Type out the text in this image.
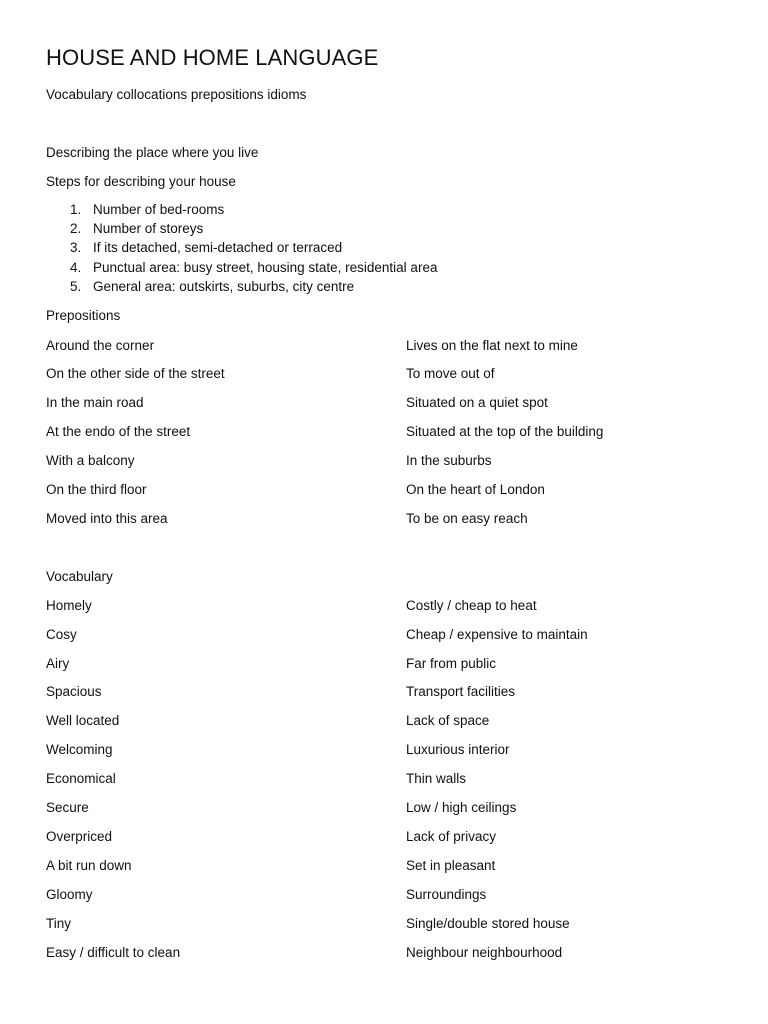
HOUSE AND HOME LANGUAGE
Vocabulary collocations prepositions idioms
Describing the place where you live
Steps for describing your house
1. Number of bed-rooms
2. Number of storeys
3. If its detached, semi-detached or terraced
4. Punctual area: busy street, housing state, residential area
5. General area: outskirts, suburbs, city centre
Prepositions
Around the corner	Lives on the flat next to mine
On the other side of the street	To move out of
In the main road	Situated on a quiet spot
At the endo of the street	Situated at the top of the building
With a balcony	In the suburbs
On the third floor	On the heart of London
Moved into this area	To be on easy reach
Vocabulary
Homely	Costly / cheap to heat
Cosy	Cheap / expensive to maintain
Airy	Far from public
Spacious	Transport facilities
Well located	Lack of space
Welcoming	Luxurious interior
Economical	Thin walls
Secure	Low / high ceilings
Overpriced	Lack of privacy
A bit run down	Set in pleasant
Gloomy	Surroundings
Tiny	Single/double stored house
Easy / difficult to clean	Neighbour neighbourhood
